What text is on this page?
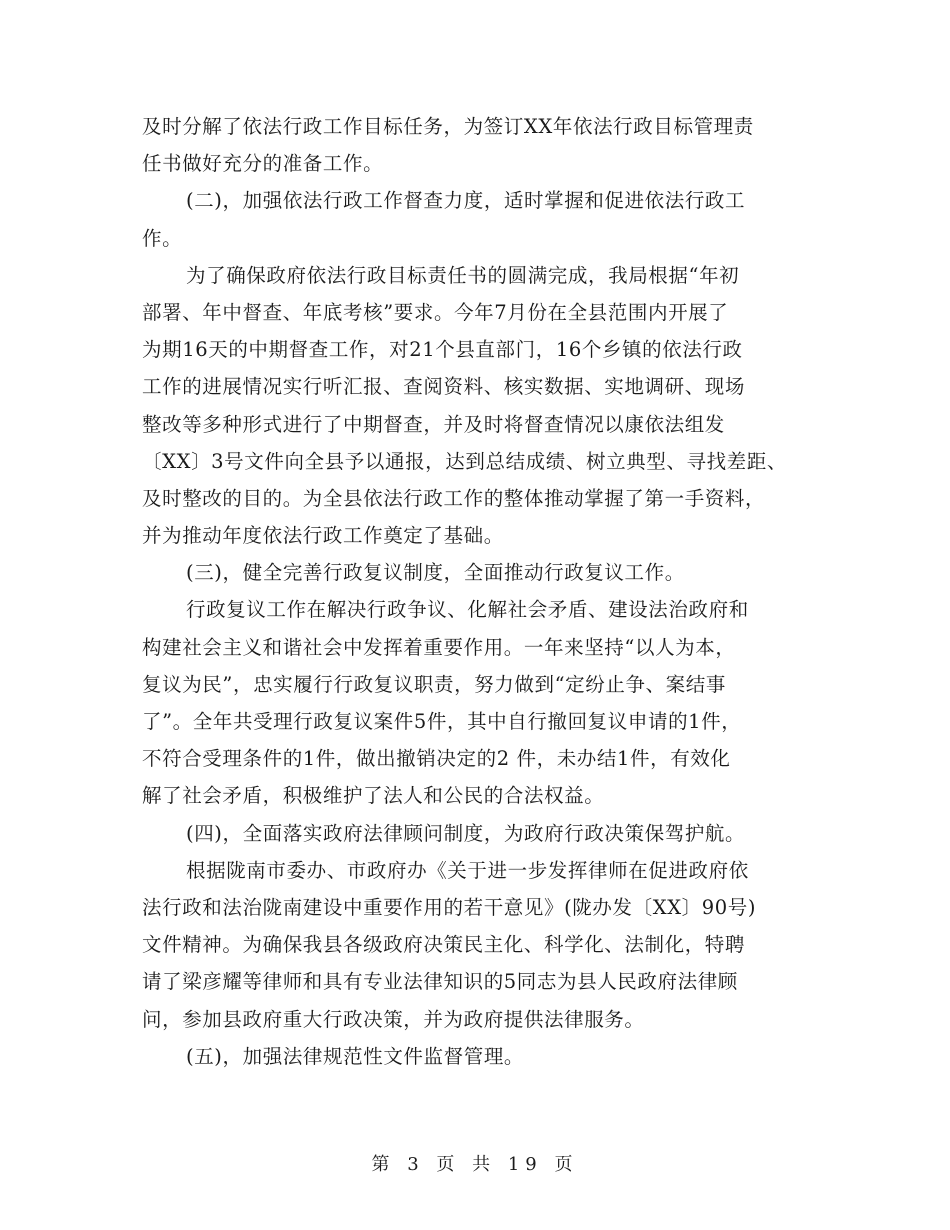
及时分解了依法行政工作目标任务，为签订XX年依法行政目标管理责
任书做好充分的准备工作。
(二)，加强依法行政工作督查力度，适时掌握和促进依法行政工
作。
为了确保政府依法行政目标责任书的圆满完成，我局根据“年初
部署、年中督查、年底考核”要求。今年7月份在全县范围内开展了
为期16天的中期督查工作，对21个县直部门，16个乡镇的依法行政
工作的进展情况实行听汇报、查阅资料、核实数据、实地调研、现场
整改等多种形式进行了中期督查，并及时将督查情况以康依法组发
〔XX〕3号文件向全县予以通报，达到总结成绩、树立典型、寻找差距、
及时整改的目的。为全县依法行政工作的整体推动掌握了第一手资料，
并为推动年度依法行政工作奠定了基础。
(三)，健全完善行政复议制度，全面推动行政复议工作。
行政复议工作在解决行政争议、化解社会矛盾、建设法治政府和
构建社会主义和谐社会中发挥着重要作用。一年来坚持“以人为本，
复议为民”，忠实履行行政复议职责，努力做到“定纷止争、案结事
了”。全年共受理行政复议案件5件，其中自行撤回复议申请的1件，
不符合受理条件的1件，做出撤销决定的2 件，未办结1件，有效化
解了社会矛盾，积极维护了法人和公民的合法权益。
(四)，全面落实政府法律顾问制度，为政府行政决策保驾护航。
根据陇南市委办、市政府办《关于进一步发挥律师在促进政府依
法行政和法治陇南建设中重要作用的若干意见》(陇办发〔XX〕90号)
文件精神。为确保我县各级政府决策民主化、科学化、法制化，特聘
请了梁彦耀等律师和具有专业法律知识的5同志为县人民政府法律顾
问，参加县政府重大行政决策，并为政府提供法律服务。
(五)，加强法律规范性文件监督管理。
第 3 页 共 19 页
